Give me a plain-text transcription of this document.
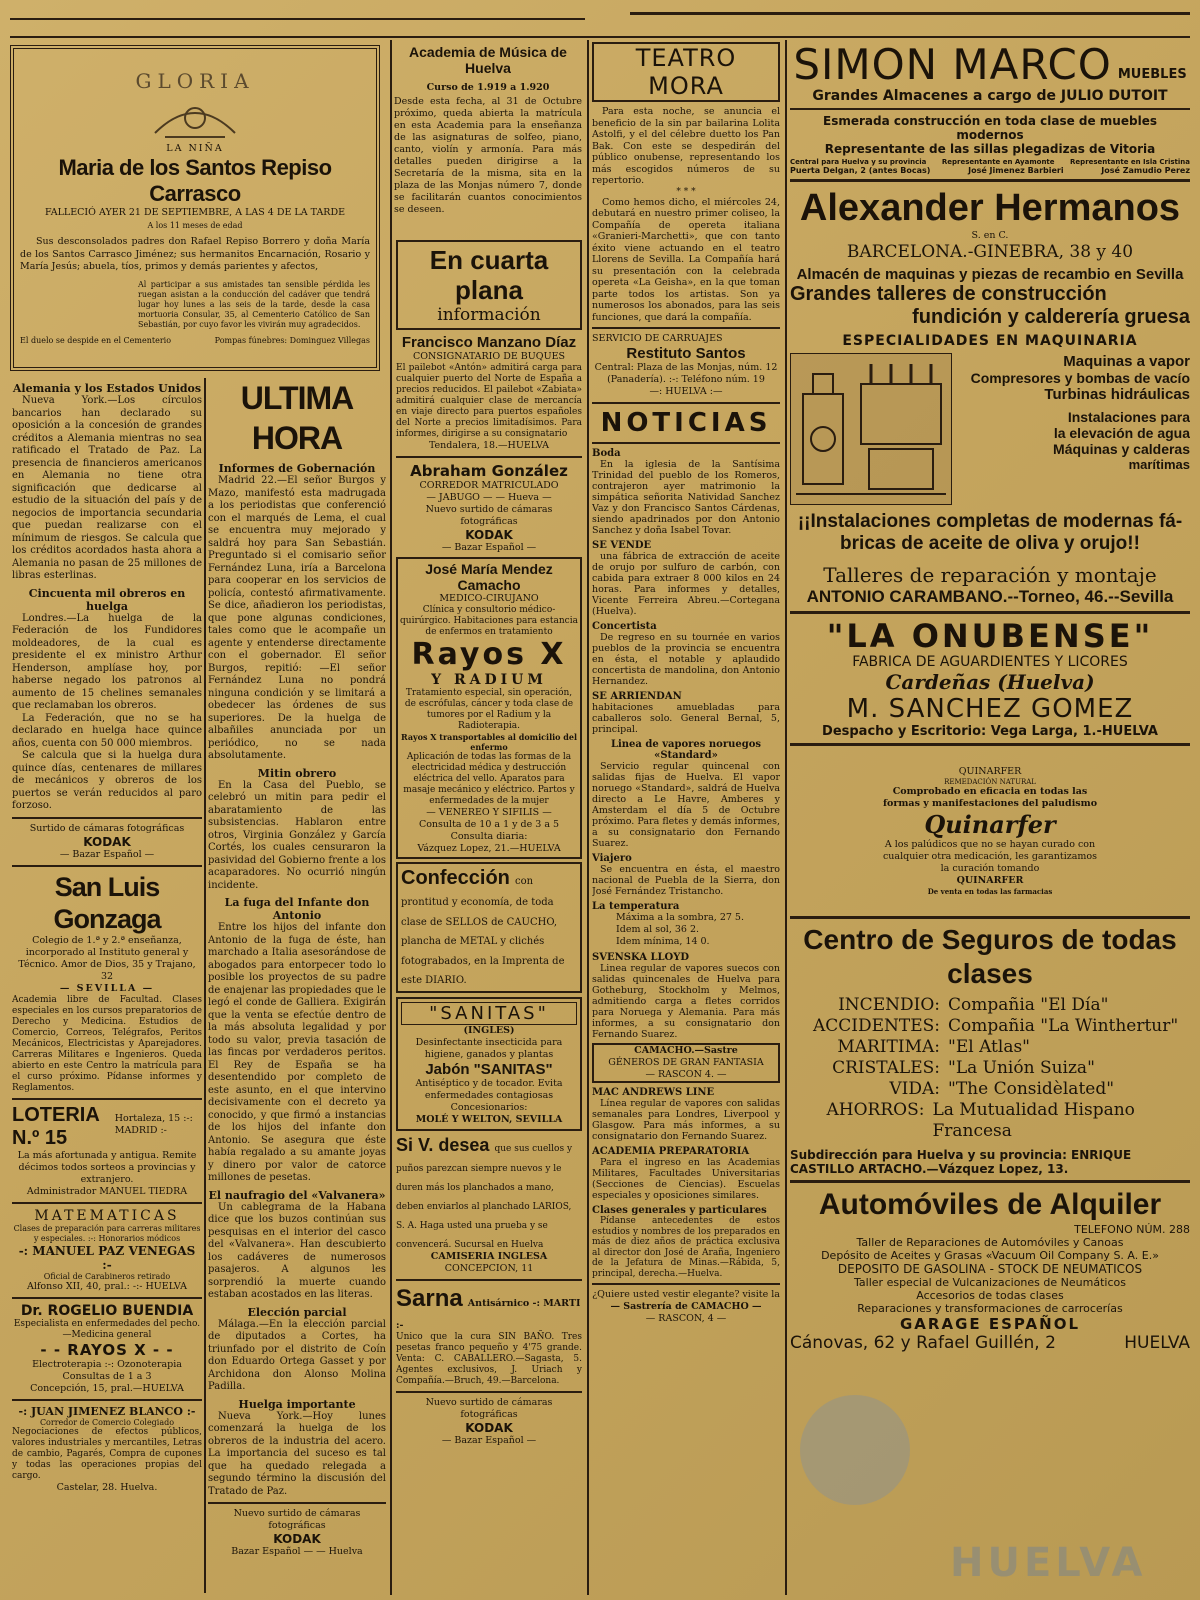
GLORIA
LA NIÑA
Maria de los Santos Repiso Carrasco
FALLECIÓ AYER 21 DE SEPTIEMBRE, A LAS 4 DE LA TARDE
A los 11 meses de edad
Sus desconsolados padres don Rafael Repiso Borrero y doña María de los Santos Carrasco Jiménez; sus hermanitos Encarnación, Rosario y María Jesús; abuela, tíos, primos y demás parientes y afectos,
Al participar a sus amistades tan sensible pérdida les ruegan asistan a la conducción del cadáver que tendrá lugar hoy lunes a las seis de la tarde, desde la casa mortuoria Consular, 35, al Cementerio Católico de San Sebastián, por cuyo favor les vivirán muy agradecidos.
El duelo se despide en el Cementerio	Pompas fúnebres: Dominguez Villegas
Alemania y los Estados Unidos
Nueva York.—Los círculos bancarios han declarado su oposición a la concesión de grandes créditos a Alemania mientras no sea ratificado el Tratado de Paz. La presencia de financieros americanos en Alemania no tiene otra significación que dedicarse al estudio de la situación del país y de negocios de importancia secundaria que puedan realizarse con el mínimum de riesgos. Se calcula que los créditos acordados hasta ahora a Alemania no pasan de 25 millones de libras esterlinas.
Cincuenta mil obreros en huelga
Londres.—La huelga de la Federación de los Fundidores moldeadores, de la cual es presidente el ex ministro Arthur Henderson, amplíase hoy, por haberse negado los patronos al aumento de 15 chelines semanales que reclamaban los obreros.
La Federación, que no se ha declarado en huelga hace quince años, cuenta con 50 000 miembros.
Se calcula que si la huelga dura quince días, centenares de millares de mecánicos y obreros de los puertos se verán reducidos al paro forzoso.
Surtido de cámaras fotográficas
KODAK
— Bazar Español —
San Luis Gonzaga
Colegio de 1.ª y 2.ª enseñanza, incorporado al Instituto general y Técnico. Amor de Dios, 35 y Trajano, 32
— SEVILLA —
Academia libre de Facultad. Clases especiales en los cursos preparatorios de Derecho y Medicina. Estudios de Comercio, Correos, Telégrafos, Peritos Mecánicos, Electricistas y Aparejadores. Carreras Militares e Ingenieros. Queda abierto en este Centro la matrícula para el curso próximo. Pídanse informes y Reglamentos.
LOTERIA N.º 15
Hortaleza, 15 :-: MADRID :-
La más afortunada y antigua. Remite décimos todos sorteos a provincias y extranjero.
Administrador MANUEL TIEDRA
MATEMATICAS
Clases de preparación para carreras militares y especiales. :-: Honorarios módicos
-: MANUEL PAZ VENEGAS :-
Oficial de Carabineros retirado
Alfonso XII, 40, pral.: -:- HUELVA
Dr. ROGELIO BUENDIA
Especialista en enfermedades del pecho.—Medicina general
- - RAYOS X - -
Electroterapia :-: Ozonoterapia
Consultas de 1 a 3
Concepción, 15, pral.—HUELVA
-: JUAN JIMENEZ BLANCO :-
Corredor de Comercio Colegiado
Negociaciones de efectos públicos, valores industriales y mercantiles, Letras de cambio, Pagarés, Compra de cupones y todas las operaciones propias del cargo.
Castelar, 28. Huelva.
Academia de Música de Huelva
Curso de 1.919 a 1.920
Desde esta fecha, al 31 de Octubre próximo, queda abierta la matrícula en esta Academia para la enseñanza de las asignaturas de solfeo, piano, canto, violín y armonía. Para más detalles pueden dirigirse a la Secretaría de la misma, sita en la plaza de las Monjas número 7, donde se facilitarán cuantos conocimientos se deseen.
ULTIMA HORA
Informes de Gobernación
Madrid 22.—El señor Burgos y Mazo, manifestó esta madrugada a los periodistas que conferenció con el marqués de Lema, el cual se encuentra muy mejorado y saldrá hoy para San Sebastián. Preguntado si el comisario señor Fernández Luna, iría a Barcelona para cooperar en los servicios de policía, contestó afirmativamente. Se dice, añadieron los periodistas, que pone algunas condiciones, tales como que le acompañe un agente y entenderse directamente con el gobernador. El señor Burgos, repitió: —El señor Fernández Luna no pondrá ninguna condición y se limitará a obedecer las órdenes de sus superiores. De la huelga de albañiles anunciada por un periódico, no se nada absolutamente.
Mitin obrero
En la Casa del Pueblo, se celebró un mitin para pedir el abaratamiento de las subsistencias. Hablaron entre otros, Virginia González y García Cortés, los cuales censuraron la pasividad del Gobierno frente a los acaparadores. No ocurrió ningún incidente.
La fuga del Infante don Antonio
Entre los hijos del infante don Antonio de la fuga de éste, han marchado a Italia asesorándose de abogados para entorpecer todo lo posible los proyectos de su padre de enajenar las propiedades que le legó el conde de Galliera. Exigirán que la venta se efectúe dentro de la más absoluta legalidad y por todo su valor, previa tasación de las fincas por verdaderos peritos. El Rey de España se ha desentendido por completo de este asunto, en el que intervino decisivamente con el decreto ya conocido, y que firmó a instancias de los hijos del infante don Antonio. Se asegura que éste había regalado a su amante joyas y dinero por valor de catorce millones de pesetas.
El naufragio del «Valvanera»
Un cablegrama de la Habana dice que los buzos continúan sus pesquisas en el interior del casco del «Valvanera». Han descubierto los cadáveres de numerosos pasajeros. A algunos les sorprendió la muerte cuando estaban acostados en las literas.
Elección parcial
Málaga.—En la elección parcial de diputados a Cortes, ha triunfado por el distrito de Coín don Eduardo Ortega Gasset y por Archidona don Alonso Molina Padilla.
Huelga importante
Nueva York.—Hoy lunes comenzará la huelga de los obreros de la industria del acero. La importancia del suceso es tal que ha quedado relegada a segundo término la discusión del Tratado de Paz.
Nuevo surtido de cámaras fotográficas
KODAK
Bazar Español — — Huelva
En cuarta plana
información
Francisco Manzano Díaz
CONSIGNATARIO DE BUQUES
El pailebot «Antón» admitirá carga para cualquier puerto del Norte de España a precios reducidos. El pailebot «Zabiata» admitirá cualquier clase de mercancía en viaje directo para puertos españoles del Norte a precios limitadísimos. Para informes, dirigirse a su consignatario
Tendalera, 18.—HUELVA
Abraham González
CORREDOR MATRICULADO
— JABUGO — — Hueva —
Nuevo surtido de cámaras fotográficas
KODAK
— Bazar Español —
José María Mendez Camacho
MEDICO-CIRUJANO
Clínica y consultorio médico-quirúrgico. Habitaciones para estancia de enfermos en tratamiento
Rayos X
Y RADIUM
Tratamiento especial, sin operación, de escrófulas, cáncer y toda clase de tumores por el Radium y la Radioterapia.
Rayos X transportables al domicilio del enfermo
Aplicación de todas las formas de la electricidad médica y destrucción eléctrica del vello. Aparatos para masaje mecánico y eléctrico. Partos y enfermedades de la mujer
— VENEREO Y SIFILIS —
Consulta de 10 a 1 y de 3 a 5
Consulta diaria:
Vázquez Lopez, 21.—HUELVA
Confección con prontitud y economía, de toda clase de SELLOS de CAUCHO, plancha de METAL y clichés fotograbados, en la Imprenta de este DIARIO.
"SANITAS"
(INGLES)
Desinfectante insecticida para higiene, ganados y plantas
Jabón "SANITAS"
Antiséptico y de tocador. Evita enfermedades contagiosas
Concesionarios:
MOLÉ Y WELTON, SEVILLA
Si V. desea que sus cuellos y puños parezcan siempre nuevos y le duren más los planchados a mano, deben enviarlos al planchado LARIOS, S. A. Haga usted una prueba y se convencerá. Sucursal en Huelva
CAMISERIA INGLESA
CONCEPCION, 11
Sarna Antisárnico -: MARTI :-
Unico que la cura SIN BAÑO. Tres pesetas franco pequeño y 4'75 grande. Venta: C. CABALLERO.—Sagasta, 5. Agentes exclusivos, J. Uriach y Compañía.—Bruch, 49.—Barcelona.
Nuevo surtido de cámaras fotográficas
KODAK
— Bazar Español —
TEATRO MORA
Para esta noche, se anuncia el beneficio de la sin par bailarina Lolita Astolfi, y el del célebre duetto los Pan Bak. Con este se despedirán del público onubense, representando los más escogidos números de su repertorio.
* * *
Como hemos dicho, el miércoles 24, debutará en nuestro primer coliseo, la Compañía de opereta italiana «Granieri-Marchetti», que con tanto éxito viene actuando en el teatro Llorens de Sevilla. La Compañía hará su presentación con la celebrada opereta «La Geisha», en la que toman parte todos los artistas. Son ya numerosos los abonados, para las seis funciones, que dará la compañía.
SERVICIO DE CARRUAJES
Restituto Santos
Central: Plaza de las Monjas, núm. 12 (Panadería). :-: Teléfono núm. 19
—: HUELVA :—
NOTICIAS
Boda
En la iglesia de la Santísima Trinidad del pueblo de los Romeros, contrajeron ayer matrimonio la simpática señorita Natividad Sanchez Vaz y don Francisco Santos Cárdenas, siendo apadrinados por don Antonio Sanchez y doña Isabel Tovar.
SE VENDE
una fábrica de extracción de aceite de orujo por sulfuro de carbón, con cabida para extraer 8 000 kilos en 24 horas. Para informes y detalles, Vicente Ferreira Abreu.—Cortegana (Huelva).
Concertista
De regreso en su tournée en varios pueblos de la provincia se encuentra en ésta, el notable y aplaudido concertista de mandolina, don Antonio Hernandez.
SE ARRIENDAN
habitaciones amuebladas para caballeros solo. General Bernal, 5, principal.
Linea de vapores noruegos «Standard»
Servicio regular quincenal con salidas fijas de Huelva. El vapor noruego «Standard», saldrá de Huelva directo a Le Havre, Amberes y Amsterdam el día 5 de Octubre próximo. Para fletes y demás informes, a su consignatario don Fernando Suarez.
Viajero
Se encuentra en ésta, el maestro nacional de Puebla de la Sierra, don José Fernández Tristancho.
La temperatura
Máxima a la sombra, 27 5.
Idem al sol, 36 2.
Idem mínima, 14 0.
SVENSKA LLOYD
Linea regular de vapores suecos con salidas quincenales de Huelva para Gotheburg, Stockholm y Melmos, admitiendo carga a fletes corridos para Noruega y Alemania. Para más informes, a su consignatario don Fernando Suarez.
CAMACHO.—Sastre
GÉNEROS DE GRAN FANTASIA
— RASCON 4. —
MAC ANDREWS LINE
Línea regular de vapores con salidas semanales para Londres, Liverpool y Glasgow. Para más informes, a su consignatario don Fernando Suarez.
ACADEMIA PREPARATORIA
Para el ingreso en las Academias Militares, Facultades Universitarias (Secciones de Ciencias). Escuelas especiales y oposiciones similares.
Clases generales y particulares
Pídanse antecedentes de estos estudios y nombres de los preparados en más de diez años de práctica exclusiva al director don José de Araña, Ingeniero de la Jefatura de Minas.—Rábida, 5, principal, derecha.—Huelva.
¿Quiere usted vestir elegante? visite la
— Sastrería de CAMACHO —
— RASCON, 4 —
SIMON MARCO MUEBLES
Grandes Almacenes a cargo de JULIO DUTOIT
Esmerada construcción en toda clase de muebles modernos
Representante de las sillas plegadizas de Vitoria
Central para Huelva y su provincia Representante en Ayamonte Representante en Isla Cristina
Puerta Delgan, 2 (antes Bocas)	José Jimenez Barbieri	José Zamudio Perez
Alexander Hermanos
S. en C.
BARCELONA.-GINEBRA, 38 y 40
Almacén de maquinas y piezas de recambio en Sevilla
Grandes talleres de construcción
fundición y calderería gruesa
ESPECIALIDADES EN MAQUINARIA
Maquinas a vapor
Compresores y bombas de vacío
Turbinas hidráulicas
Instalaciones para
la elevación de agua
Máquinas y calderas
marítimas
¡¡Instalaciones completas de modernas fá-
bricas de aceite de oliva y orujo!!
Talleres de reparación y montaje
ANTONIO CARAMBANO.--Torneo, 46.--Sevilla
"LA ONUBENSE"
FABRICA DE AGUARDIENTES Y LICORES
Cardeñas (Huelva)
M. SANCHEZ GOMEZ
Despacho y Escritorio: Vega Larga, 1.-HUELVA
QUINARFER
REMEDACIÓN NATURAL
Comprobado en eficacia en todas las formas y manifestaciones del paludismo
Quinarfer
A los palúdicos que no se hayan curado con cualquier otra medicación, les garantizamos la curación tomando
QUINARFER
De venta en todas las farmacias
Centro de Seguros de todas clases
INCENDIO: Compañia "El Día"
ACCIDENTES: Compañia "La Winthertur"
MARITIMA: "El Atlas"
CRISTALES: "La Unión Suiza"
VIDA: "The Considèlated"
AHORROS: La Mutualidad Hispano Francesa
Subdirección para Huelva y su provincia: ENRIQUE CASTILLO ARTACHO.—Vázquez Lopez, 13.
Automóviles de Alquiler
TELEFONO NÚM. 288
Taller de Reparaciones de Automóviles y Canoas
Depósito de Aceites y Grasas «Vacuum Oil Company S. A. E.»
DEPOSITO DE GASOLINA - STOCK DE NEUMATICOS
Taller especial de Vulcanizaciones de Neumáticos
Accesorios de todas clases
Reparaciones y transformaciones de carrocerías
GARAGE ESPAÑOL
Cánovas, 62 y Rafael Guillén, 2	HUELVA
HUELVA
